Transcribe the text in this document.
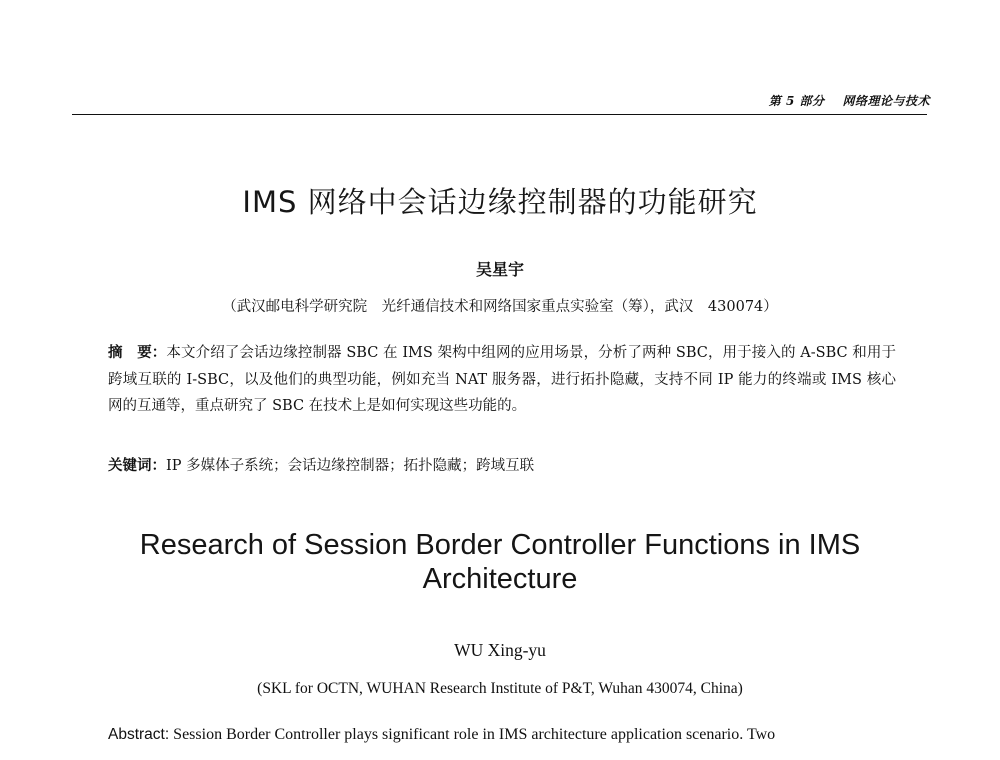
第 5 部分 网络理论与技术
IMS 网络中会话边缘控制器的功能研究
吴星宇
（武汉邮电科学研究院　光纤通信技术和网络国家重点实验室（筹），武汉　430074）
摘　要：本文介绍了会话边缘控制器 SBC 在 IMS 架构中组网的应用场景，分析了两种 SBC，用于接入的 A-SBC 和用于跨域互联的 I-SBC，以及他们的典型功能，例如充当 NAT 服务器，进行拓扑隐藏，支持不同 IP 能力的终端或 IMS 核心网的互通等，重点研究了 SBC 在技术上是如何实现这些功能的。
关键词：IP 多媒体子系统；会话边缘控制器；拓扑隐藏；跨域互联
Research of Session Border Controller Functions in IMS
Architecture
WU Xing-yu
(SKL for OCTN, WUHAN Research Institute of P&T, Wuhan 430074, China)
Abstract: Session Border Controller plays significant role in IMS architecture application scenario. Two
